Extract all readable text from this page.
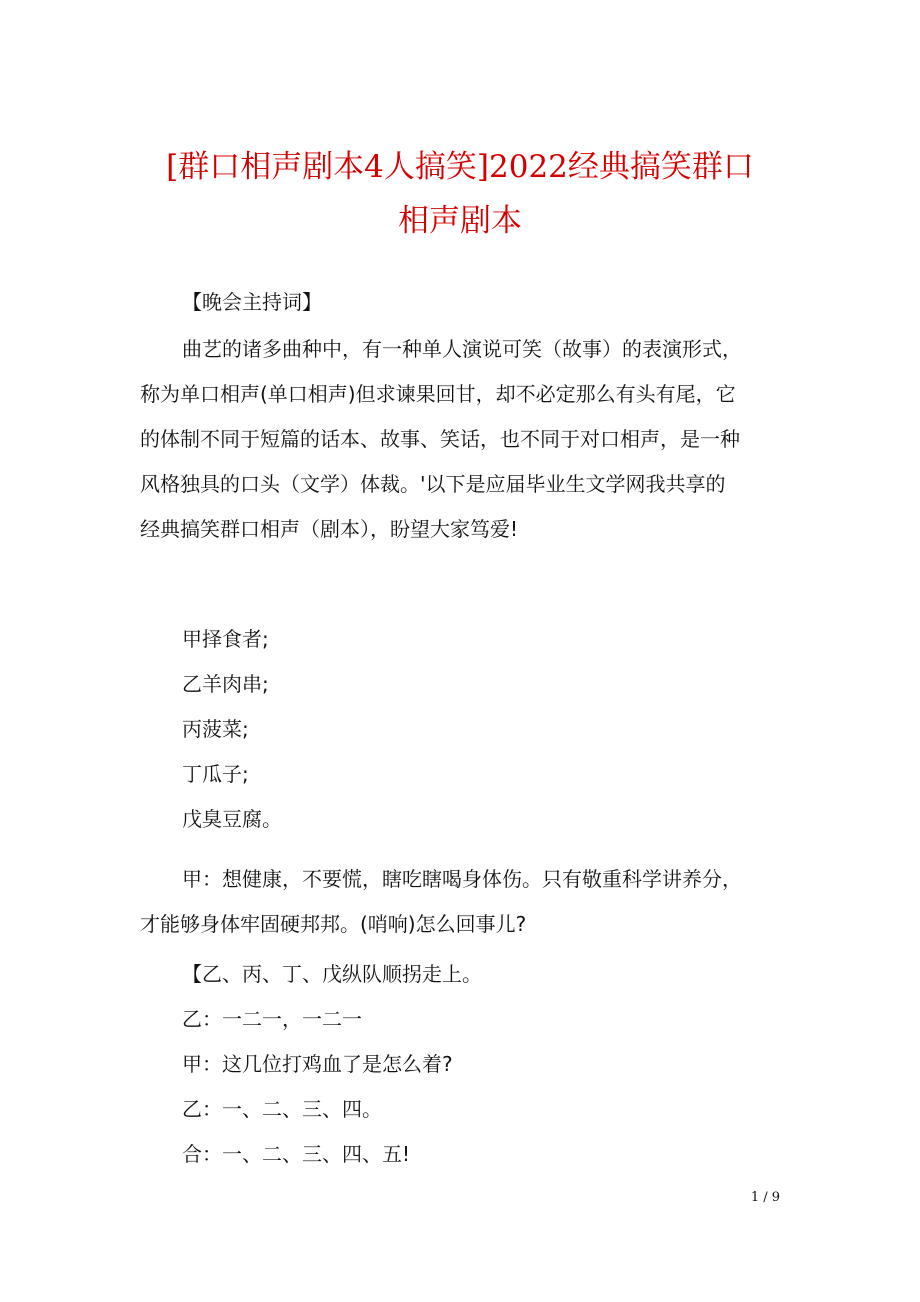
[群口相声剧本4人搞笑]2022经典搞笑群口
相声剧本

【晚会主持词】

曲艺的诸多曲种中，有一种单人演说可笑（故事）的表演形式，
称为单口相声(单口相声)但求谏果回甘，却不必定那么有头有尾，它
的体制不同于短篇的话本、故事、笑话，也不同于对口相声，是一种
风格独具的口头（文学）体裁。'以下是应届毕业生文学网我共享的
经典搞笑群口相声（剧本），盼望大家笃爱!

甲择食者;
乙羊肉串;
丙菠菜;
丁瓜子;
戊臭豆腐。

甲：想健康，不要慌，瞎吃瞎喝身体伤。只有敬重科学讲养分，
才能够身体牢固硬邦邦。(哨响)怎么回事儿?

【乙、丙、丁、戊纵队顺拐走上。
乙：一二一，一二一
甲：这几位打鸡血了是怎么着?
乙：一、二、三、四。
合：一、二、三、四、五!

1 / 9
